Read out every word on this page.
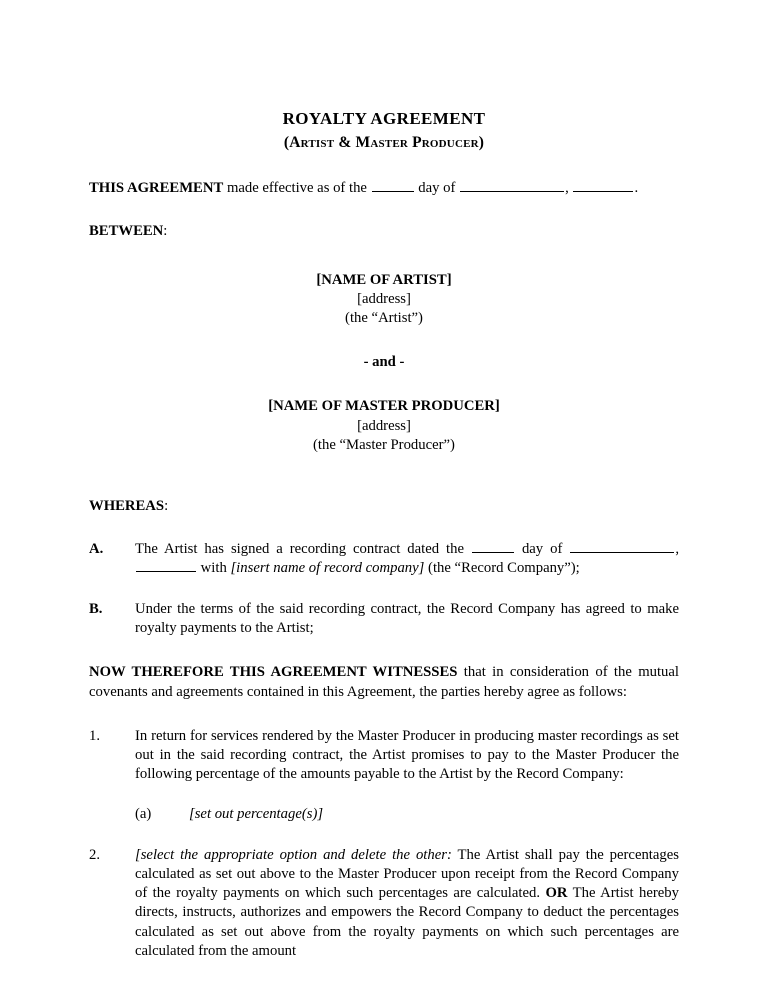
ROYALTY AGREEMENT
(Artist & Master Producer)

THIS AGREEMENT made effective as of the	day of	,	.

BETWEEN:

[NAME OF ARTIST]
[address]
(the “Artist”)
- and -
[NAME OF MASTER PRODUCER]
[address]
(the “Master Producer”)

WHEREAS:

A.	The Artist has signed a recording contract dated the	day of	,  with [insert name of record company] (the “Record Company”);
B.	Under the terms of the said recording contract, the Record Company has agreed to make royalty payments to the Artist;

NOW THEREFORE THIS AGREEMENT WITNESSES that in consideration of the mutual covenants and agreements contained in this Agreement, the parties hereby agree as follows:

1.	In return for services rendered by the Master Producer in producing master recordings as set out in the said recording contract, the Artist promises to pay to the Master Producer the following percentage of the amounts payable to the Artist by the Record Company:
(a)	[set out percentage(s)]
2.	[select the appropriate option and delete the other: The Artist shall pay the percentages calculated as set out above to the Master Producer upon receipt from the Record Company of the royalty payments on which such percentages are calculated. OR The Artist hereby directs, instructs, authorizes and empowers the Record Company to deduct the percentages calculated as set out above from the royalty payments on which such percentages are calculated from the amount
